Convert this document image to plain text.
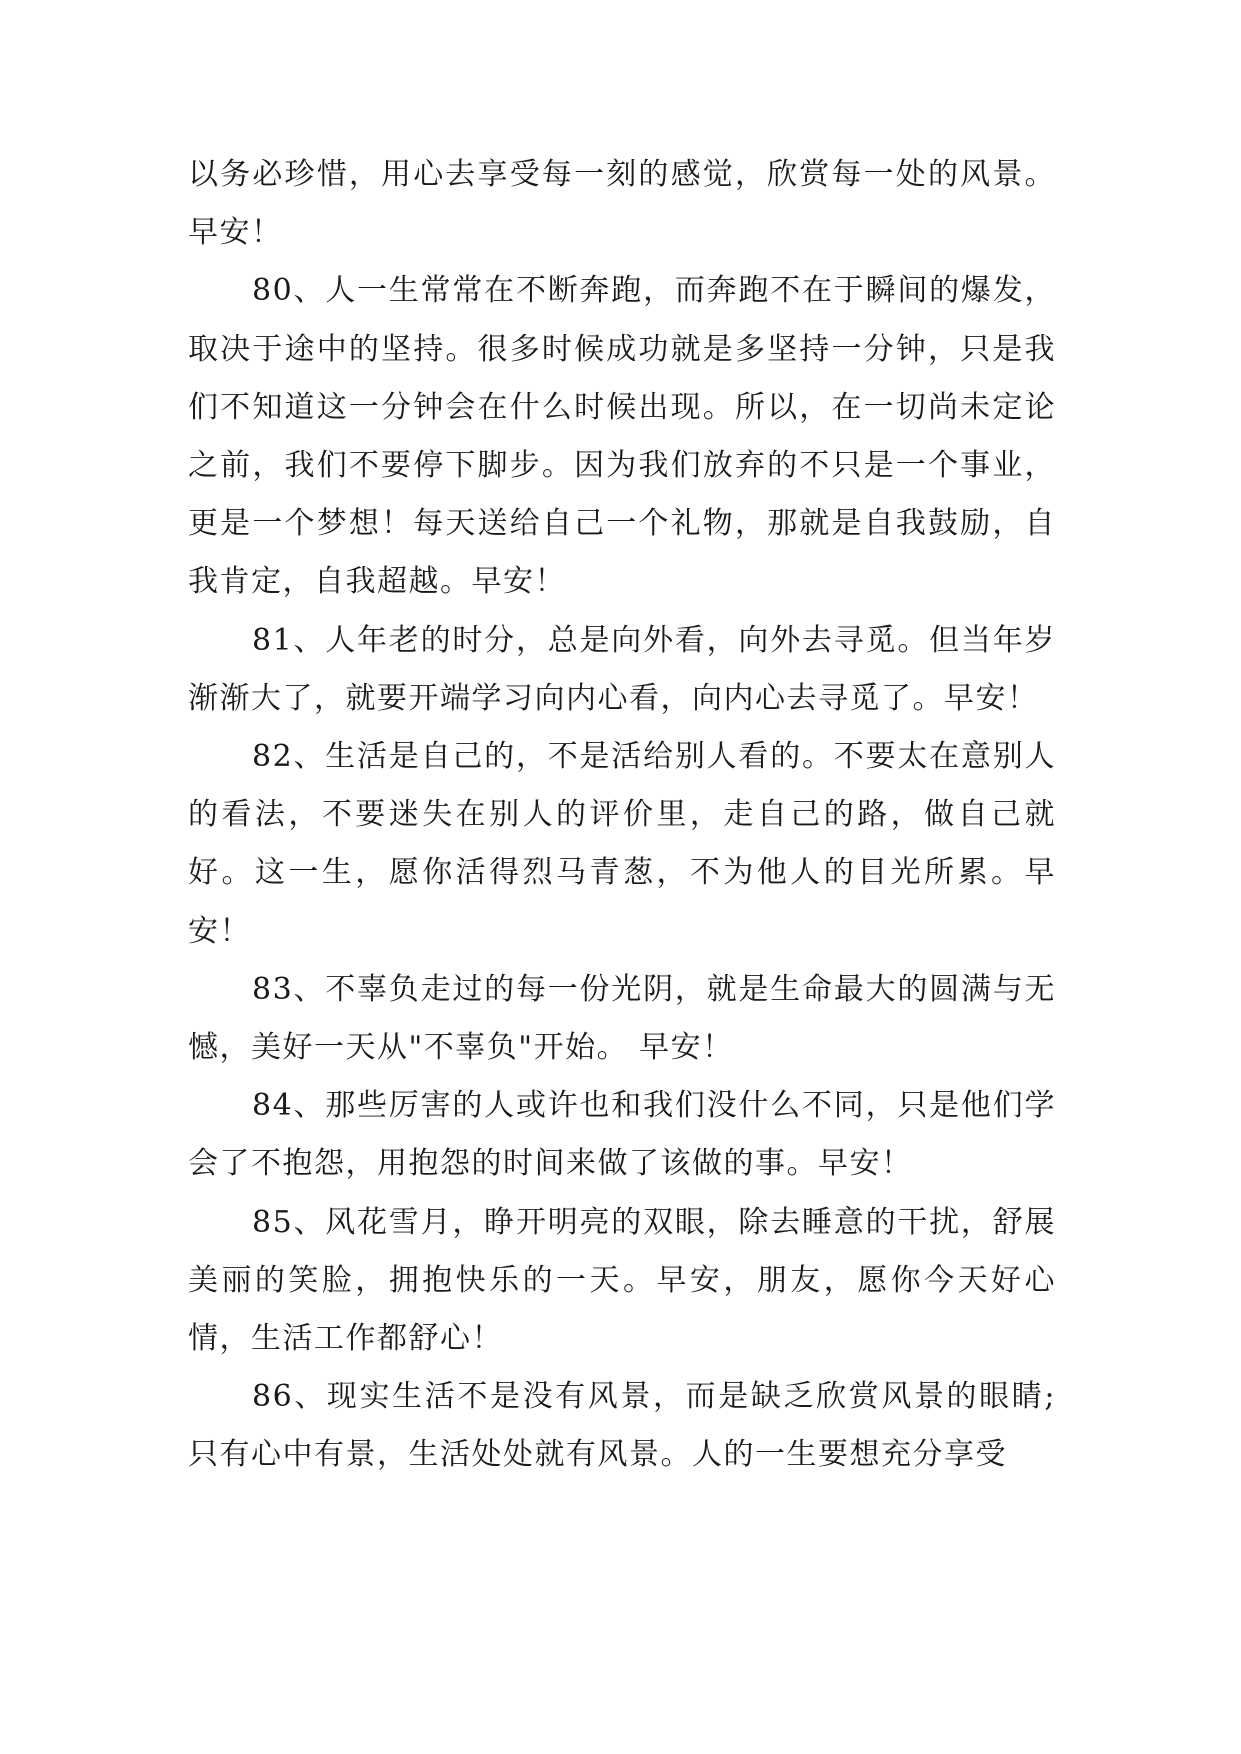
以务必珍惜，用心去享受每一刻的感觉，欣赏每一处的风景。早安！

80、人一生常常在不断奔跑，而奔跑不在于瞬间的爆发，取决于途中的坚持。很多时候成功就是多坚持一分钟，只是我们不知道这一分钟会在什么时候出现。所以，在一切尚未定论之前，我们不要停下脚步。因为我们放弃的不只是一个事业，更是一个梦想！每天送给自己一个礼物，那就是自我鼓励，自我肯定，自我超越。早安！

81、人年老的时分，总是向外看，向外去寻觅。但当年岁渐渐大了，就要开端学习向内心看，向内心去寻觅了。早安！

82、生活是自己的，不是活给别人看的。不要太在意别人的看法，不要迷失在别人的评价里，走自己的路，做自己就好。这一生，愿你活得烈马青葱，不为他人的目光所累。早安！

83、不辜负走过的每一份光阴，就是生命最大的圆满与无憾，美好一天从"不辜负"开始。 早安！

84、那些厉害的人或许也和我们没什么不同，只是他们学会了不抱怨，用抱怨的时间来做了该做的事。早安！

85、风花雪月，睁开明亮的双眼，除去睡意的干扰，舒展美丽的笑脸，拥抱快乐的一天。早安，朋友，愿你今天好心情，生活工作都舒心！

86、现实生活不是没有风景，而是缺乏欣赏风景的眼睛;只有心中有景，生活处处就有风景。人的一生要想充分享受
